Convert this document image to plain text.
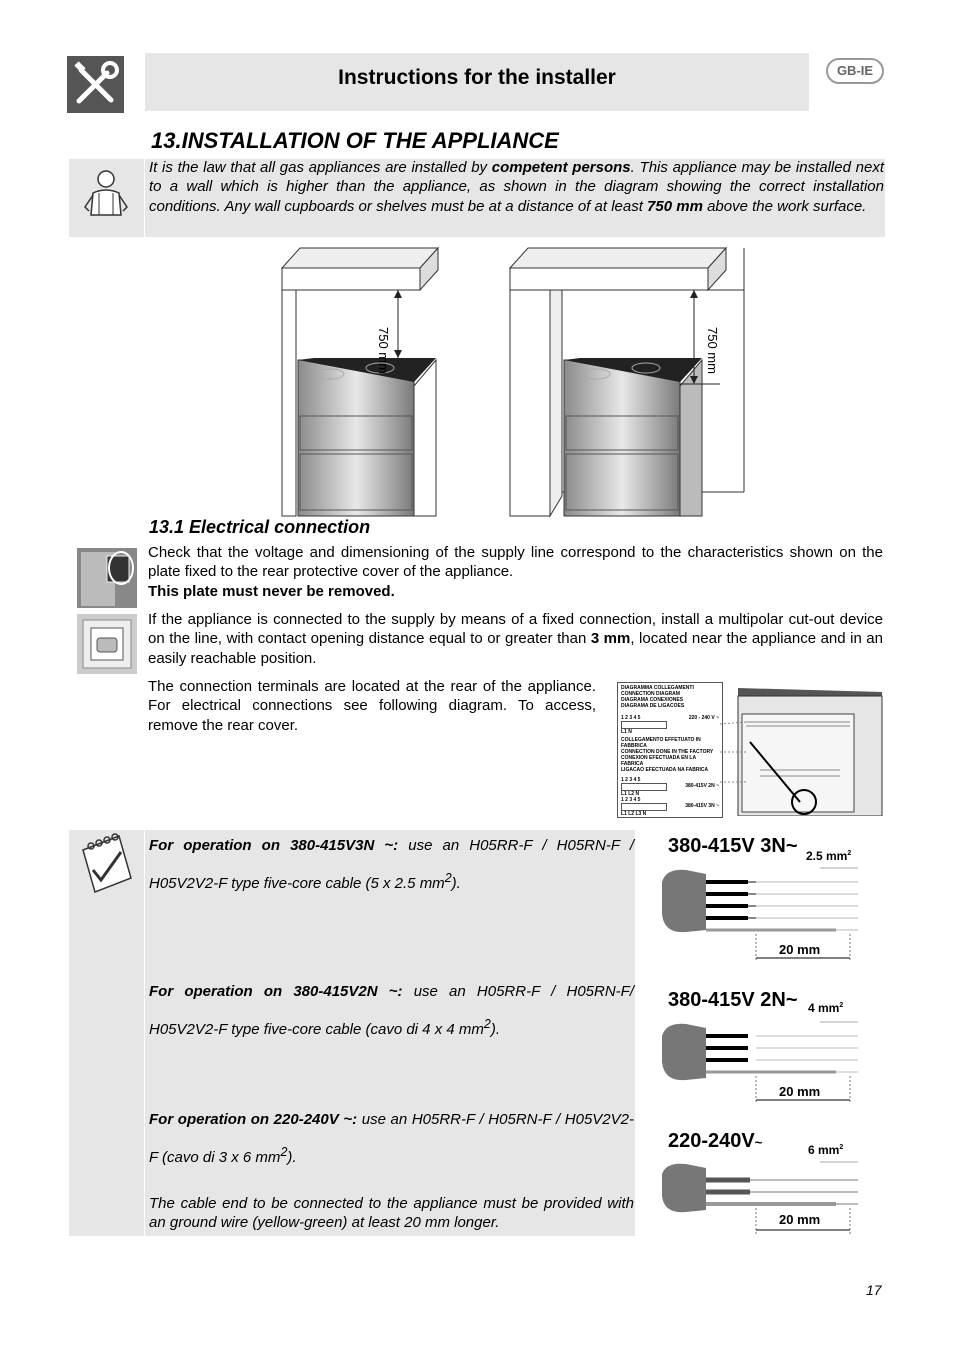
Instructions for the installer	GB-IE
13.INSTALLATION OF THE APPLIANCE
It is the law that all gas appliances are installed by competent persons. This appliance may be installed next to a wall which is higher than the appliance, as shown in the diagram showing the correct installation conditions. Any wall cupboards or shelves must be at a distance of at least 750 mm above the work surface.
750 mm	750 mm
13.1 Electrical connection
Check that the voltage and dimensioning of the supply line correspond to the characteristics shown on the plate fixed to the rear protective cover of the appliance.
This plate must never be removed.
If the appliance is connected to the supply by means of a fixed connection, install a multipolar cut-out device on the line, with contact opening distance equal to or greater than 3 mm, located near the appliance and in an easily reachable position.
The connection terminals are located at the rear of the appliance. For electrical connections see following diagram. To access, remove the rear cover.
DIAGRAMMA COLLEGAMENTI
CONNECTION DIAGRAM
DIAGRAMA CONEXIONES
DIAGRAMA DE LIGACOES
1 2 3 4 5	220 - 240 V ~
L1 N
COLLEGAMENTO EFFETUATO IN FABBRICA
CONNECTION DONE IN THE FACTORY
CONEXION EFECTUADA EN LA FABRICA
LIGACAO EFECTUADA NA FABRICA
1 2 3 4 5
380-415V 2N ~
L1 L2 N
1 2 3 4 5
380-415V 3N ~
L1 L2 L3 N
For operation on 380-415V3N ~: use an H05RR-F / H05RN-F / H05V2V2-F type five-core cable (5 x 2.5 $mm^2$).
For operation on 380-415V2N ~: use an H05RR-F / H05RN-F/ H05V2V2-F type five-core cable (cavo di 4 x 4 $mm^2$).
For operation on 220-240V ~: use an H05RR-F / H05RN-F / H05V2V2-F (cavo di 3 x 6 $mm^2$).
The cable end to be connected to the appliance must be provided with an ground wire (yellow-green) at least 20 mm longer.
380-415V 3N~ 2.5 $mm^2$
20 mm
380-415V 2N~ 4 $mm^2$
20 mm
220-240V~	6 $mm^2$
20 mm
17
